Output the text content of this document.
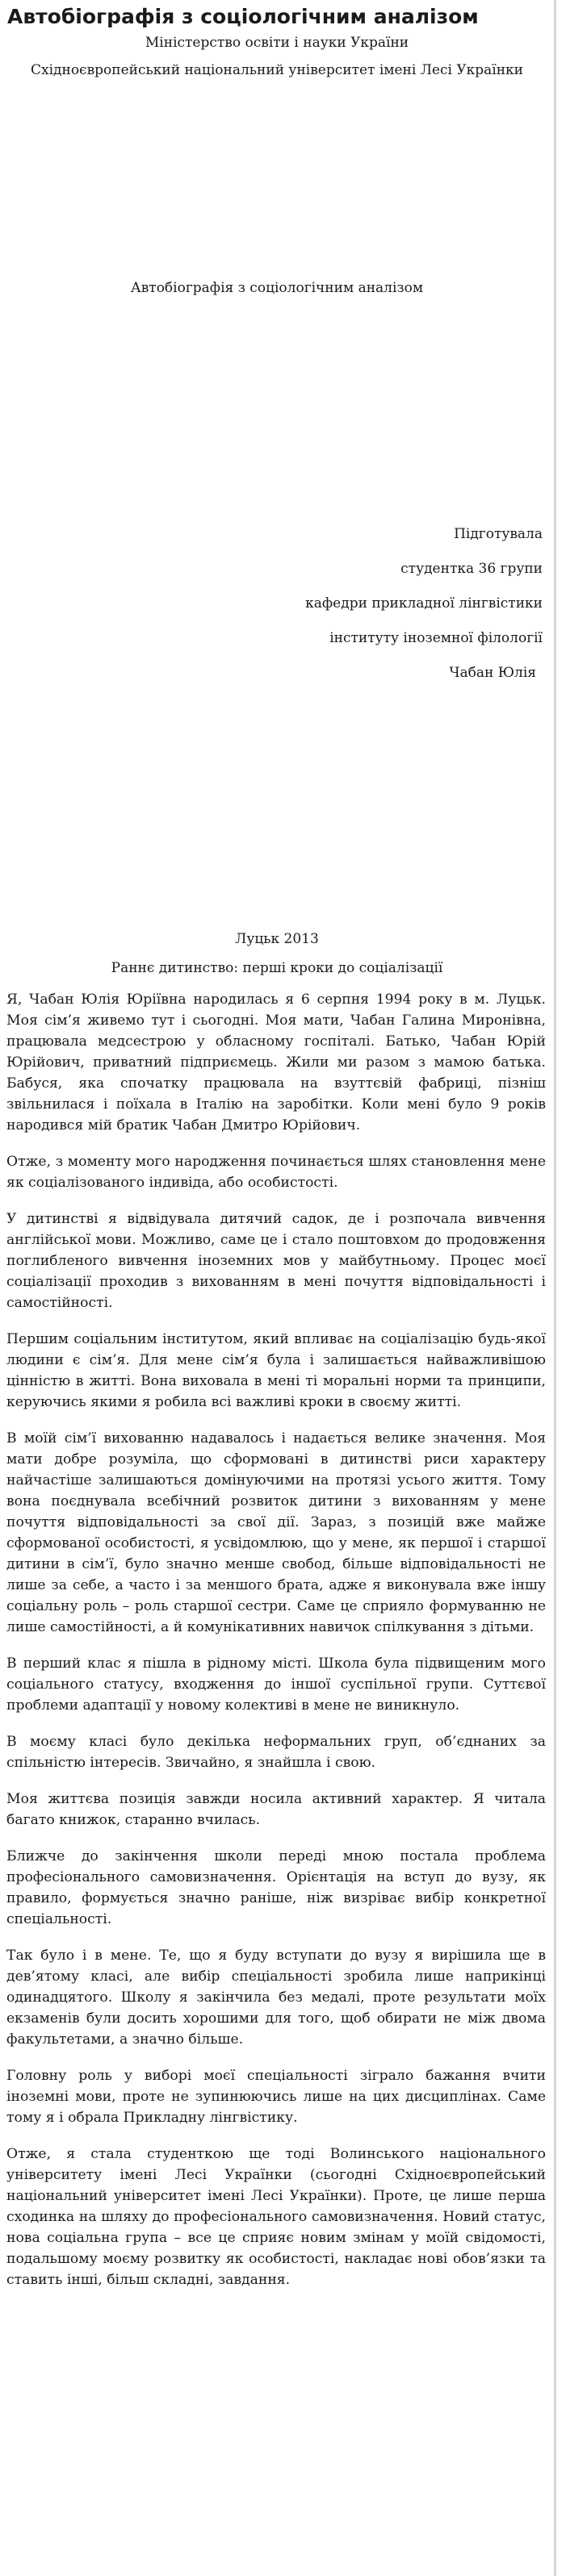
Автобіографія з соціологічним аналізом
Міністерство освіти і науки України
Східноєвропейський національний університет імені Лесі Українки
Автобіографія з соціологічним аналізом
Підготувала
студентка 36 групи
кафедри прикладної лінгвістики
інституту іноземної філології
Чабан Юлія
Луцьк 2013
Раннє дитинство: перші кроки до соціалізації

Я, Чабан Юлія Юріївна народилась я 6 серпня 1994 року в м. Луцьк. Моя сім’я живемо тут і сьогодні. Моя мати, Чабан Галина Миронівна, працювала медсестрою у обласному госпіталі. Батько, Чабан Юрій Юрійович, приватний підприємець. Жили ми разом з мамою батька. Бабуся, яка спочатку працювала на взуттєвій фабриці, пізніш звільнилася і поїхала в Італію на заробітки. Коли мені було 9 років народився мій братик Чабан Дмитро Юрійович.

Отже, з моменту мого народження починається шлях становлення мене як соціалізованого індивіда, або особистості.

У дитинстві я відвідувала дитячий садок, де і розпочала вивчення англійської мови. Можливо, саме це і стало поштовхом до продовження поглибленого вивчення іноземних мов у майбутньому. Процес моєї соціалізації проходив з вихованням в мені почуття відповідальності і самостійності.

Першим соціальним інститутом, який впливає на соціалізацію будь-якої людини є сім’я. Для мене сім’я була і залишається найважливішою цінністю в житті. Вона виховала в мені ті моральні норми та принципи, керуючись якими я робила всі важливі кроки в своєму житті.

В моїй сім’ї вихованню надавалось і надається велике значення. Моя мати добре розуміла, що сформовані в дитинстві риси характеру найчастіше залишаються домінуючими на протязі усього життя. Тому вона поєднувала всебічний розвиток дитини з вихованням у мене почуття відповідальності за свої дії. Зараз, з позицій вже майже сформованої особистості, я усвідомлюю, що у мене, як першої і старшої дитини в сім’ї, було значно менше свобод, більше відповідальності не лише за себе, а часто і за меншого брата, адже я виконувала вже іншу соціальну роль – роль старшої сестри. Саме це сприяло формуванню не лише самостійності, а й комунікативних навичок спілкування з дітьми.

В перший клас я пішла в рідному місті. Школа була підвищеним мого соціального статусу, входження до іншої суспільної групи. Суттєвої проблеми адаптації у новому колективі в мене не виникнуло.

В моєму класі було декілька неформальних груп, об’єднаних за спільністю інтересів. Звичайно, я знайшла і свою.

Моя життєва позиція завжди носила активний характер. Я читала багато книжок, старанно вчилась.

Ближче до закінчення школи переді мною постала проблема професіонального самовизначення. Орієнтація на вступ до вузу, як правило, формується значно раніше, ніж визріває вибір конкретної спеціальності.

Так було і в мене. Те, що я буду вступати до вузу я вирішила ще в дев’ятому класі, але вибір спеціальності зробила лише наприкінці одинадцятого. Школу я закінчила без медалі, проте результати моїх екзаменів були досить хорошими для того, щоб обирати не між двома факультетами, а значно більше.

Головну роль у виборі моєї спеціальності зіграло бажання вчити іноземні мови, проте не зупинюючись лише на цих дисциплінах. Саме тому я і обрала Прикладну лінгвістику.

Отже, я стала студенткою ще тоді Волинського національного університету імені Лесі Українки (сьогодні Східноєвропейський національний університет імені Лесі Українки). Проте, це лише перша сходинка на шляху до професіонального самовизначення. Новий статус, нова соціальна група – все це сприяє новим змінам у моїй свідомості, подальшому моєму розвитку як особистості, накладає нові обов’язки та ставить інші, більш складні, завдання.
